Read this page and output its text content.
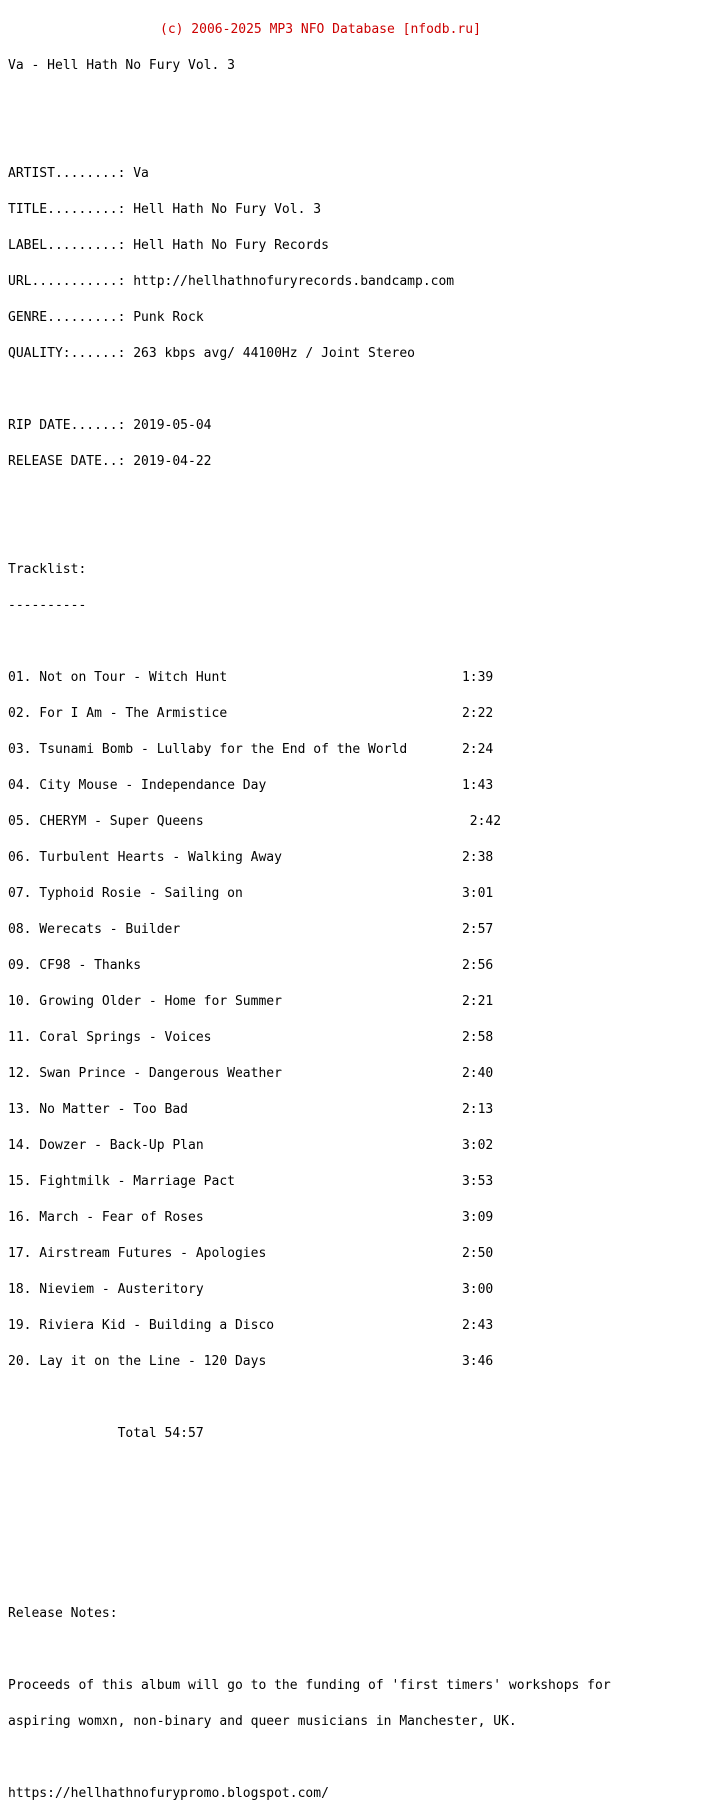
(c) 2006-2025 MP3 NFO Database [nfodb.ru]

Va - Hell Hath No Fury Vol. 3

ARTIST........: Va

TITLE.........: Hell Hath No Fury Vol. 3

LABEL.........: Hell Hath No Fury Records

URL...........: http://hellhathnofuryrecords.bandcamp.com

GENRE.........: Punk Rock

QUALITY:......: 263 kbps avg/ 44100Hz / Joint Stereo

RIP DATE......: 2019-05-04

RELEASE DATE..: 2019-04-22

Tracklist:

----------

01. Not on Tour - Witch Hunt                              1:39

02. For I Am - The Armistice                              2:22

03. Tsunami Bomb - Lullaby for the End of the World       2:24

04. City Mouse - Independance Day                         1:43

05. CHERYM - Super Queens                                  2:42

06. Turbulent Hearts - Walking Away                       2:38

07. Typhoid Rosie - Sailing on                            3:01

08. Werecats - Builder                                    2:57

09. CF98 - Thanks                                         2:56

10. Growing Older - Home for Summer                       2:21

11. Coral Springs - Voices                                2:58

12. Swan Prince - Dangerous Weather                       2:40

13. No Matter - Too Bad                                   2:13

14. Dowzer - Back-Up Plan                                 3:02

15. Fightmilk - Marriage Pact                             3:53

16. March - Fear of Roses                                 3:09

17. Airstream Futures - Apologies                         2:50

18. Nieviem - Austeritory                                 3:00

19. Riviera Kid - Building a Disco                        2:43

20. Lay it on the Line - 120 Days                         3:46

Total 54:57

Release Notes:

Proceeds of this album will go to the funding of 'first timers' workshops for

aspiring womxn, non-binary and queer musicians in Manchester, UK.

https://hellhathnofurypromo.blogspot.com/
